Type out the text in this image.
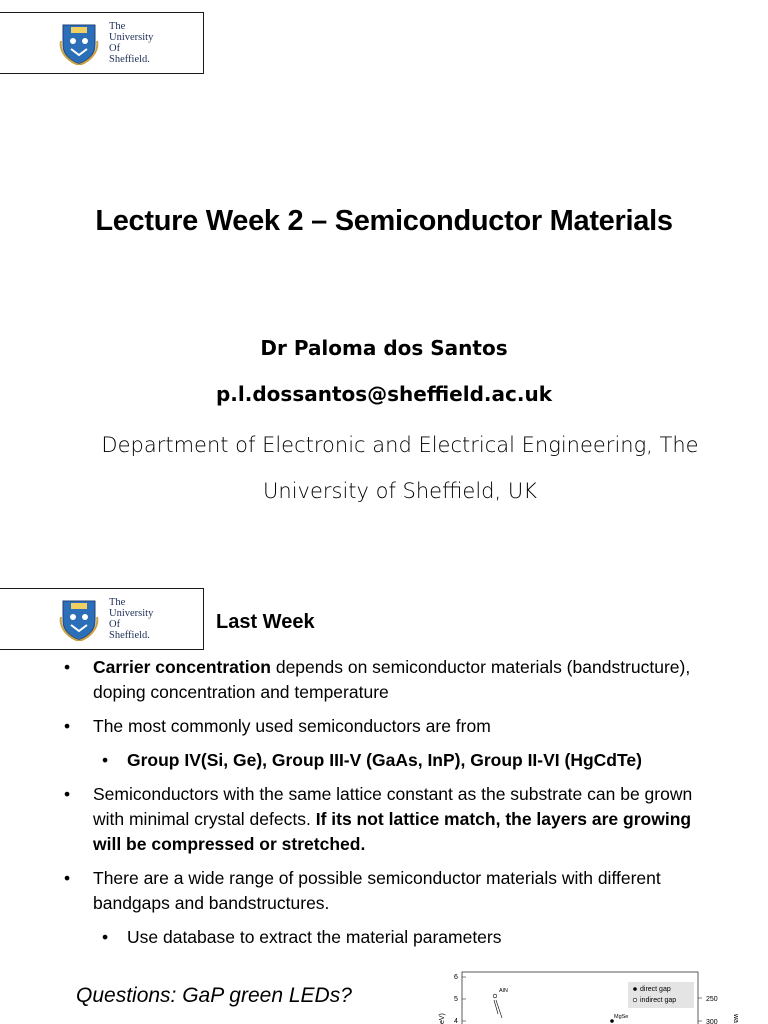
The
University
Of
Sheffield.
Lecture Week 2 – Semiconductor Materials
Dr Paloma dos Santos
p.l.dossantos@sheffield.ac.uk
Department of Electronic and Electrical Engineering, The University of Sheffield, UK
The
University
Of
Sheffield.
Last Week
• Carrier concentration depends on semiconductor materials (bandstructure), doping concentration and temperature
• The most commonly used semiconductors are from
• Group IV(Si, Ge), Group III-V (GaAs, InP), Group II-VI (HgCdTe)
• Semiconductors with the same lattice constant as the substrate can be grown with minimal crystal defects. If its not lattice match, the layers are growing will be compressed or stretched.
• There are a wide range of possible semiconductor materials with different bandgaps and bandstructures.
• Use database to extract the material parameters
Questions: GaP green LEDs?
6
5
4
eV)
direct gap
indirect gap
AlN
MgSe
250
300 wa
